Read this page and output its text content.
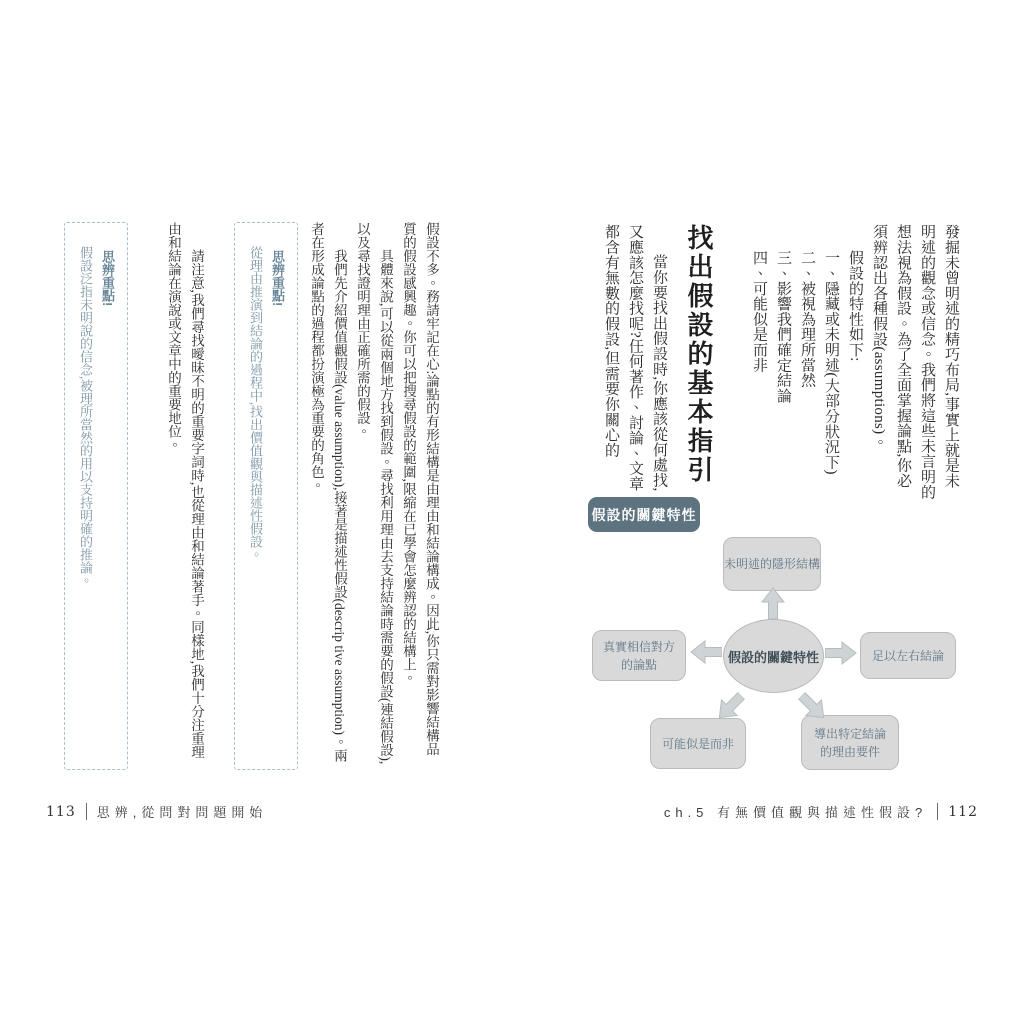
發掘未曾明述的精巧布局,事實上就是未明述的觀念或信念。我們將這些未言明的想法視為假設。為了全面掌握論點,你必須辨認出各種假設(assumptions)。

假設的特性如下:

一、隱藏或未明述(大部分狀況下)

二、被視為理所當然

三、影響我們確定結論

四、可能似是而非

找出假設的基本指引

當你要找出假設時,你應該從何處找,又應該怎麼找呢?任何著作、討論、文章都含有無數的假設,但需要你關心的

假設的關鍵特性
未明述的隱形結構
真實相信對方 的論點
足以左右結論
可能似是而非
導出特定結論 的理由要件
假設的關鍵特性

假設不多。務請牢記在心:論點的有形結構是由理由和結論構成。因此,你只需對影響結構品質的假設感興趣。你可以把搜尋假設的範圍,限縮在已學會怎麼辨認的結構上。

具體來說,可以從兩個地方找到假設。尋找利用理由去支持結論時需要的假設(連結假設),以及尋找證明理由正確所需的假設。

我們先介紹價值觀假設(value assumption),接著是描述性假設(descrip tive assumption)。兩者在形成論點的過程都扮演極為重要的角色。

思辨重點!

從理由推演到結論的過程中,找出價值觀與描述性假設。

請注意,我們尋找曖昧不明的重要字詞時,也從理由和結論著手。同樣地,我們十分注重理由和結論在演說或文章中的重要地位。

思辨重點!

假設泛指未明說的信念,被理所當然的用以支持明確的推論。

113 思辨,從問對問題開始	ch.5 有無價值觀與描述性假設? 112
